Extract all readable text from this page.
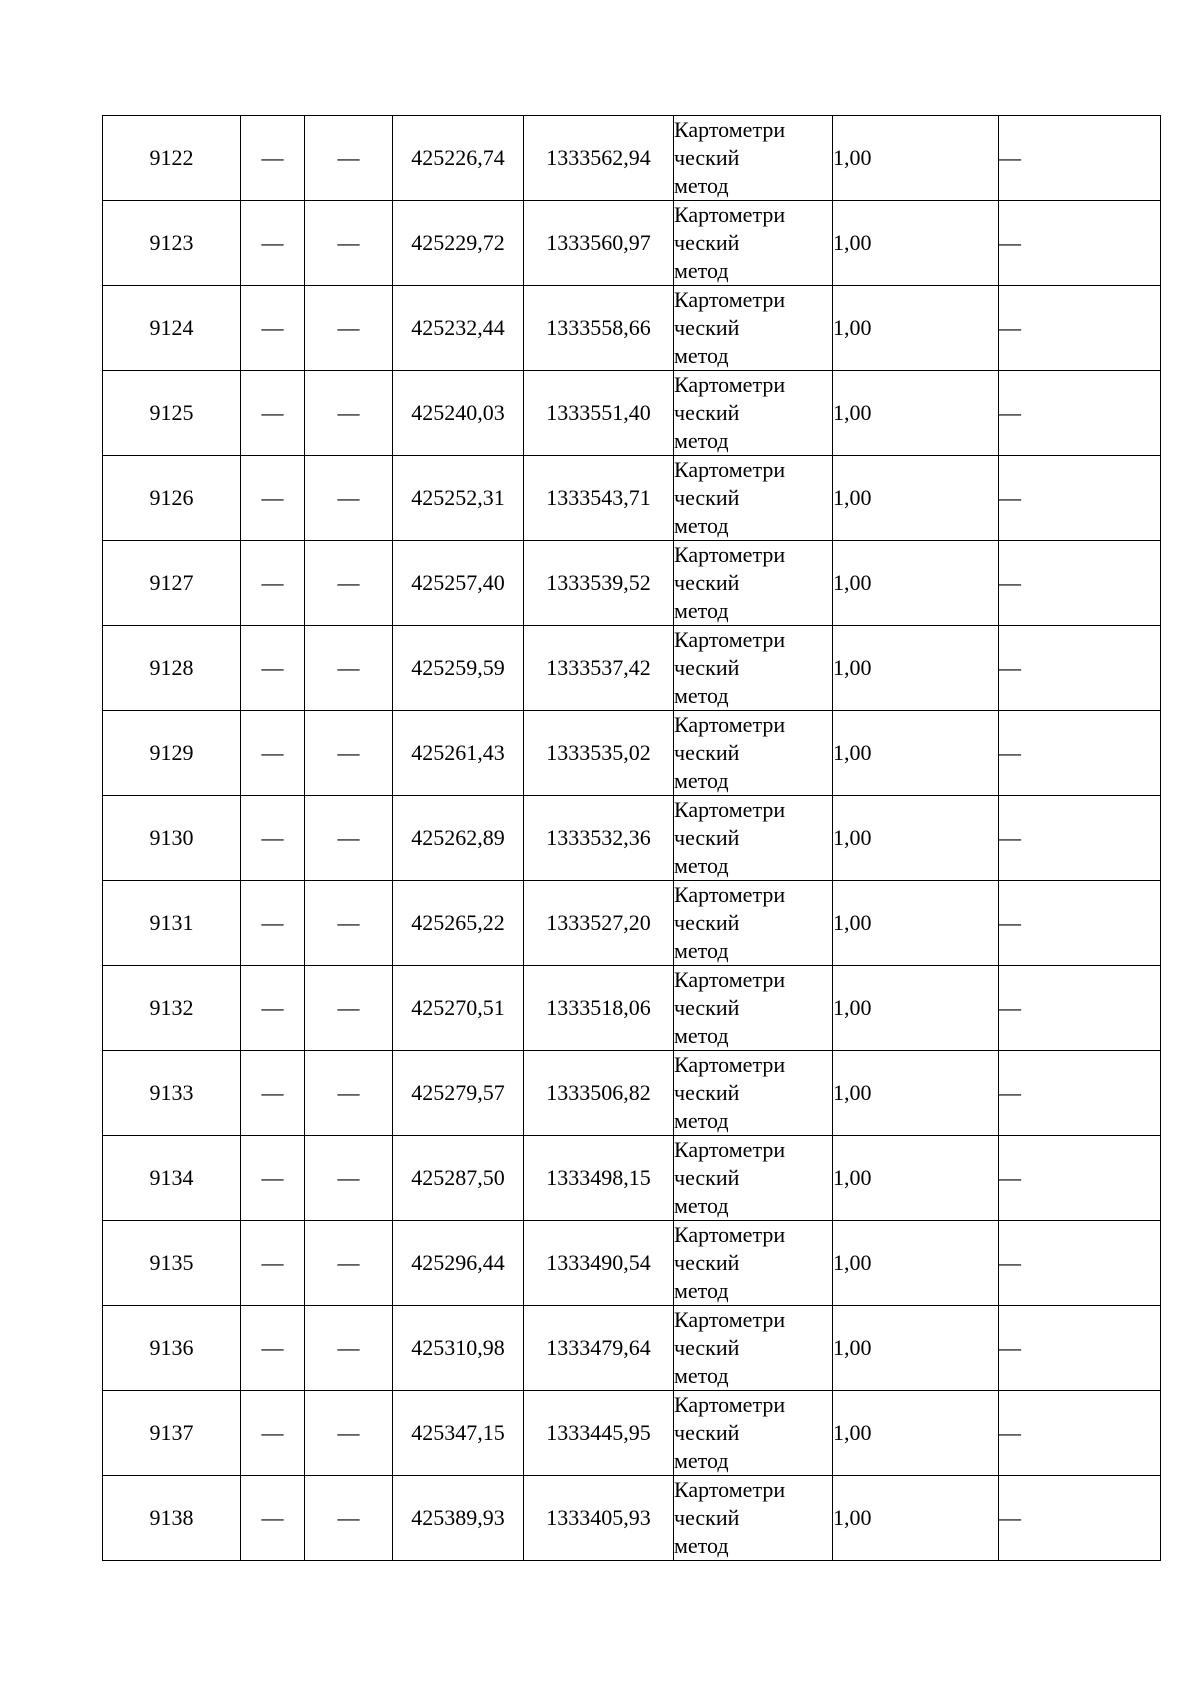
9122	—	—	425226,74	1333562,94	Картометри
ческий
метод	1,00	—
9123	—	—	425229,72	1333560,97	Картометри
ческий
метод	1,00	—
9124	—	—	425232,44	1333558,66	Картометри
ческий
метод	1,00	—
9125	—	—	425240,03	1333551,40	Картометри
ческий
метод	1,00	—
9126	—	—	425252,31	1333543,71	Картометри
ческий
метод	1,00	—
9127	—	—	425257,40	1333539,52	Картометри
ческий
метод	1,00	—
9128	—	—	425259,59	1333537,42	Картометри
ческий
метод	1,00	—
9129	—	—	425261,43	1333535,02	Картометри
ческий
метод	1,00	—
9130	—	—	425262,89	1333532,36	Картометри
ческий
метод	1,00	—
9131	—	—	425265,22	1333527,20	Картометри
ческий
метод	1,00	—
9132	—	—	425270,51	1333518,06	Картометри
ческий
метод	1,00	—
9133	—	—	425279,57	1333506,82	Картометри
ческий
метод	1,00	—
9134	—	—	425287,50	1333498,15	Картометри
ческий
метод	1,00	—
9135	—	—	425296,44	1333490,54	Картометри
ческий
метод	1,00	—
9136	—	—	425310,98	1333479,64	Картометри
ческий
метод	1,00	—
9137	—	—	425347,15	1333445,95	Картометри
ческий
метод	1,00	—
9138	—	—	425389,93	1333405,93	Картометри
ческий
метод	1,00	—
